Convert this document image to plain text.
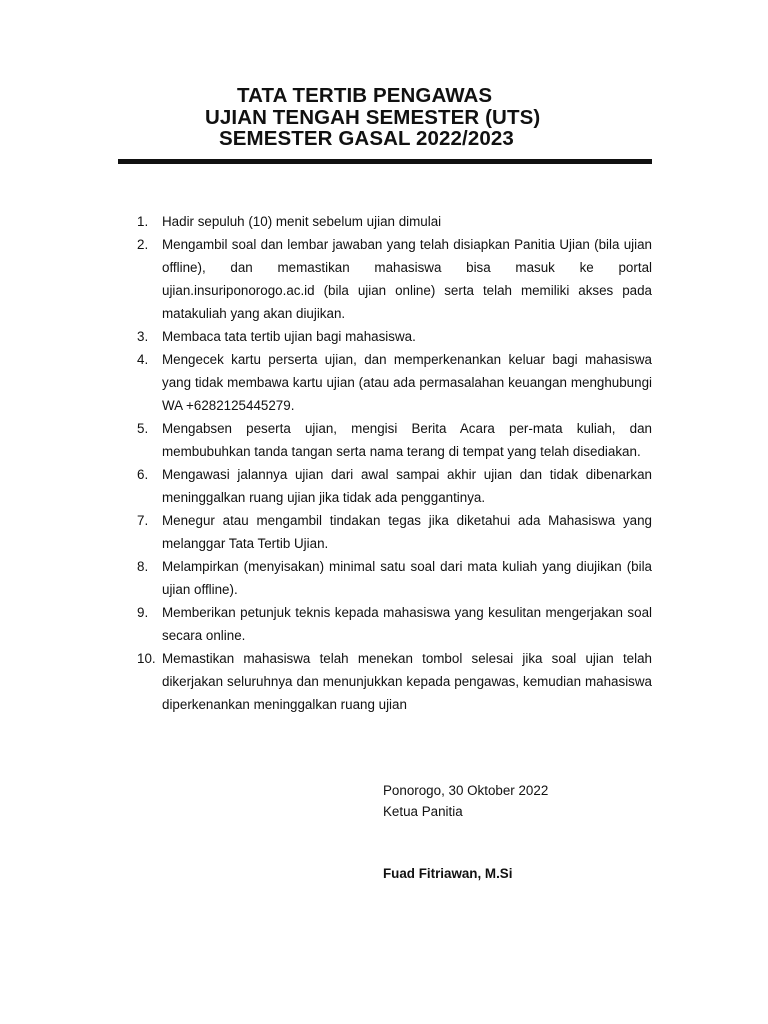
TATA TERTIB PENGAWAS
UJIAN TENGAH SEMESTER (UTS)
SEMESTER GASAL 2022/2023
1. Hadir sepuluh (10) menit sebelum ujian dimulai
2. Mengambil soal dan lembar jawaban yang telah disiapkan Panitia Ujian (bila ujian offline), dan memastikan mahasiswa bisa masuk ke portal ujian.insuriponorogo.ac.id (bila ujian online) serta telah memiliki akses pada matakuliah yang akan diujikan.
3. Membaca tata tertib ujian bagi mahasiswa.
4. Mengecek kartu perserta ujian, dan memperkenankan keluar bagi mahasiswa yang tidak membawa kartu ujian (atau ada permasalahan keuangan menghubungi WA +6282125445279.
5. Mengabsen peserta ujian, mengisi Berita Acara per-mata kuliah, dan membubuhkan tanda tangan serta nama terang di tempat yang telah disediakan.
6. Mengawasi jalannya ujian dari awal sampai akhir ujian dan tidak dibenarkan meninggalkan ruang ujian jika tidak ada penggantinya.
7. Menegur atau mengambil tindakan tegas jika diketahui ada Mahasiswa yang melanggar Tata Tertib Ujian.
8. Melampirkan (menyisakan) minimal satu soal dari mata kuliah yang diujikan (bila ujian offline).
9. Memberikan petunjuk teknis kepada mahasiswa yang kesulitan mengerjakan soal secara online.
10. Memastikan mahasiswa telah menekan tombol selesai jika soal ujian telah dikerjakan seluruhnya dan menunjukkan kepada pengawas, kemudian mahasiswa diperkenankan meninggalkan ruang ujian
Ponorogo, 30 Oktober 2022
Ketua Panitia
Fuad Fitriawan, M.Si
